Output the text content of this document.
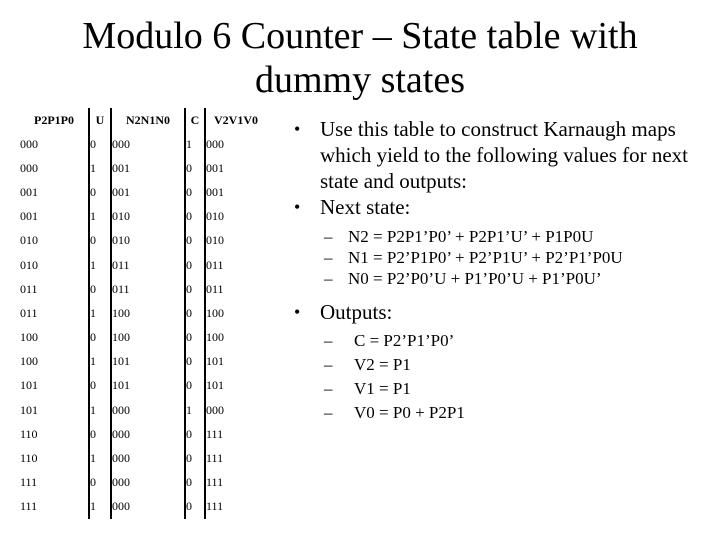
Modulo 6 Counter – State table with dummy states
P2P1P0	U	N2N1N0	C	V2V1V0
000	0	000	1	000
000	1	001	0	001
001	0	001	0	001
001	1	010	0	010
010	0	010	0	010
010	1	011	0	011
011	0	011	0	011
011	1	100	0	100
100	0	100	0	100
100	1	101	0	101
101	0	101	0	101
101	1	000	1	000
110	0	000	0	111
110	1	000	0	111
111	0	000	0	111
111	1	000	0	111
• Use this table to construct Karnaugh maps which yield to the following values for next state and outputs:
• Next state:
– N2 = P2P1’P0’ + P2P1’U’ + P1P0U
– N1 = P2’P1P0’ + P2’P1U’ + P2’P1’P0U
– N0 = P2’P0’U + P1’P0’U + P1’P0U’
• Outputs:
–	C = P2’P1’P0’
–	V2 = P1
–	V1 = P1
–	V0 = P0 + P2P1
